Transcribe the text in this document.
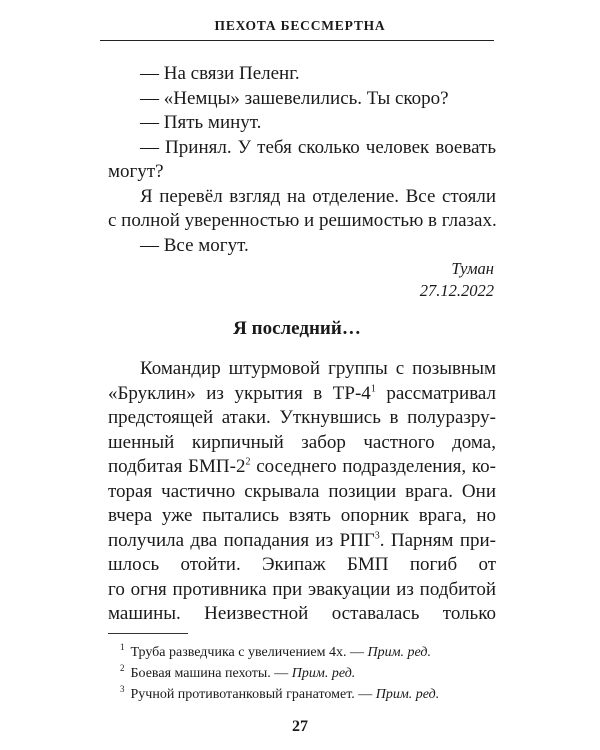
ПЕХОТА БЕССМЕРТНА
— На связи Пеленг.
— «Немцы» зашевелились. Ты скоро?
— Пять минут.
— Принял. У тебя сколько человек воевать
могут?
Я перевёл взгляд на отделение. Все стояли
с полной уверенностью и решимостью в глазах.
— Все могут.
Туман
27.12.2022
Я последний…
Командир штурмовой группы с позывным
«Бруклин» из укрытия в $ТР-4^1$ рассматривал
предстоящей атаки. Уткнувшись в полуразру-
шенный кирпичный забор частного дома,
подбитая БМП-$2^2$ соседнего подразделения, ко-
торая частично скрывала позиции врага. Они
вчера уже пытались взять опорник врага, но
получила два попадания из РПГ$^3$. Парням при-
шлось отойти. Экипаж БМП погиб от
го огня противника при эвакуации из подбитой
машины. Неизвестной оставалась только
$^1$ Труба разведчика с увеличением 4х. — Прим. ред.
$^2$ Боевая машина пехоты. — Прим. ред.
$^3$ Ручной противотанковый гранатомет. — Прим. ред.
27
